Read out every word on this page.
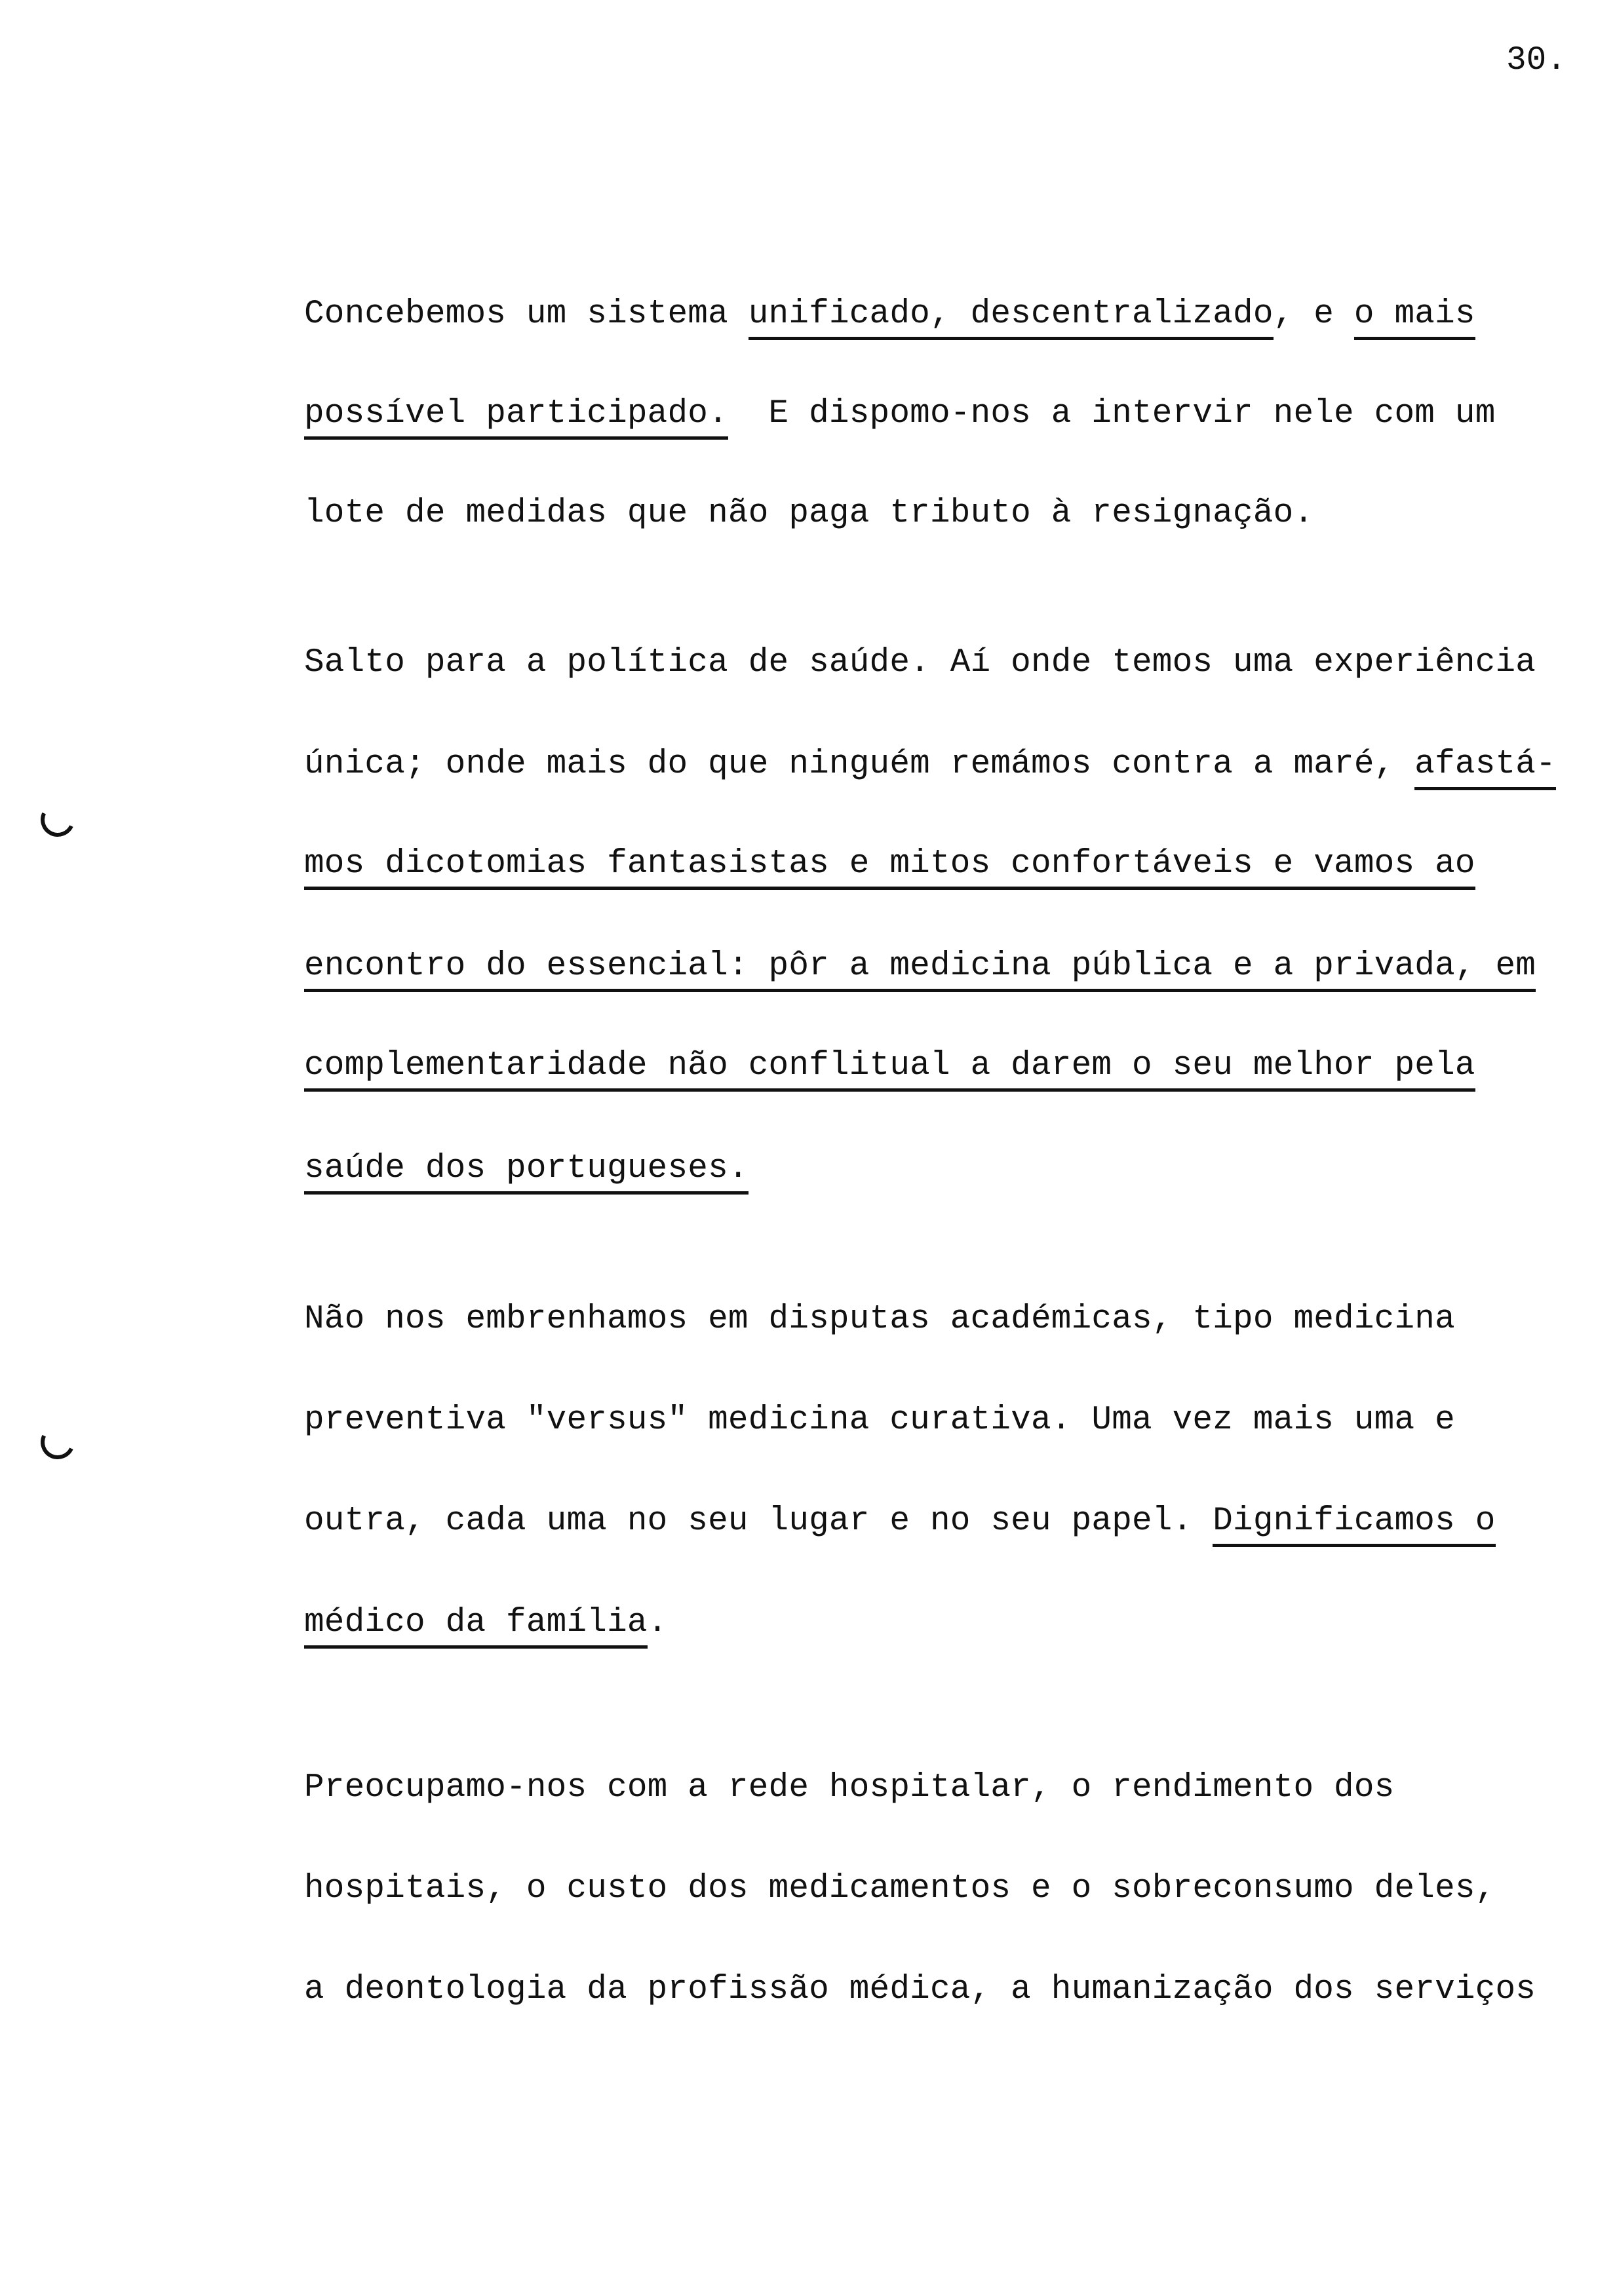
30.
Concebemos um sistema unificado, descentralizado, e o mais
possível participado.  E dispomo-nos a intervir nele com um
lote de medidas que não paga tributo à resignação.
Salto para a política de saúde. Aí onde temos uma experiência
única; onde mais do que ninguém remámos contra a maré, afastá-
mos dicotomias fantasistas e mitos confortáveis e vamos ao
encontro do essencial: pôr a medicina pública e a privada, em
complementaridade não conflitual a darem o seu melhor pela
saúde dos portugueses.
Não nos embrenhamos em disputas académicas, tipo medicina
preventiva "versus" medicina curativa. Uma vez mais uma e
outra, cada uma no seu lugar e no seu papel. Dignificamos o
médico da família.
Preocupamo-nos com a rede hospitalar, o rendimento dos
hospitais, o custo dos medicamentos e o sobreconsumo deles,
a deontologia da profissão médica, a humanização dos serviços
